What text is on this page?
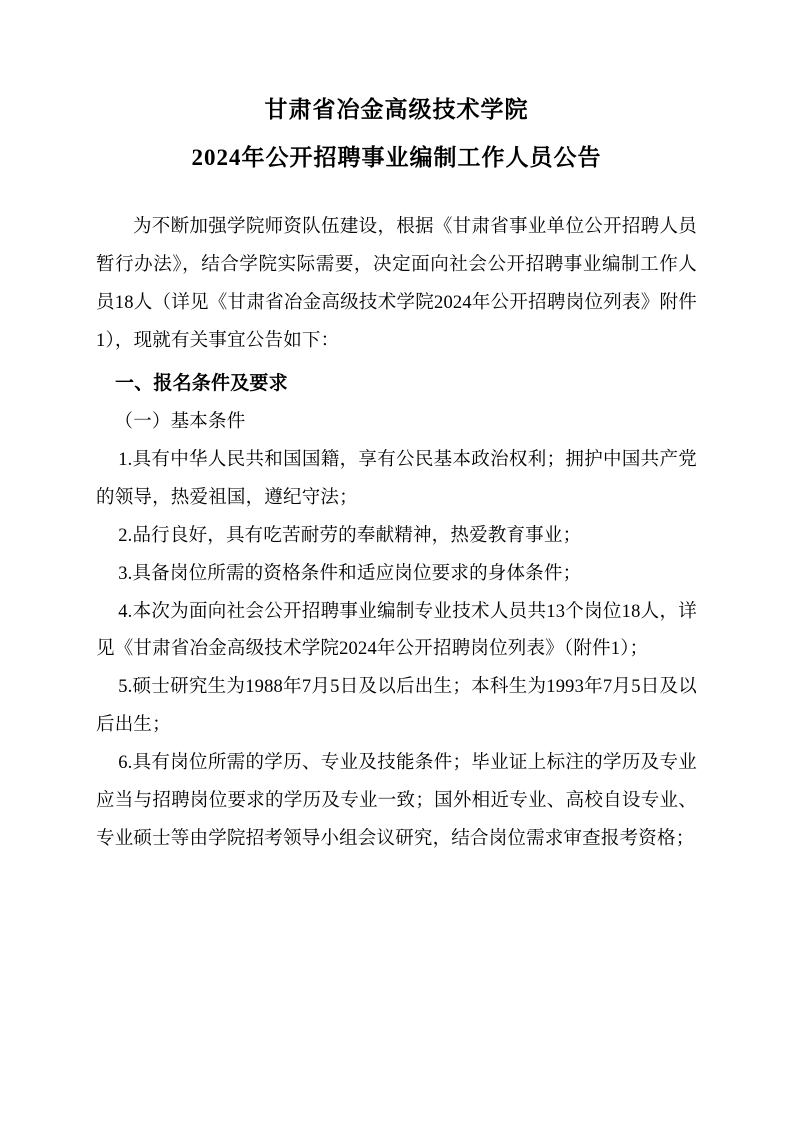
甘肃省冶金高级技术学院
2024年公开招聘事业编制工作人员公告

为不断加强学院师资队伍建设，根据《甘肃省事业单位公开招聘人员暂行办法》，结合学院实际需要，决定面向社会公开招聘事业编制工作人员18人（详见《甘肃省冶金高级技术学院2024年公开招聘岗位列表》附件1），现就有关事宜公告如下：

一、报名条件及要求

（一）基本条件

1.具有中华人民共和国国籍，享有公民基本政治权利；拥护中国共产党的领导，热爱祖国，遵纪守法；

2.品行良好，具有吃苦耐劳的奉献精神，热爱教育事业；

3.具备岗位所需的资格条件和适应岗位要求的身体条件；

4.本次为面向社会公开招聘事业编制专业技术人员共13个岗位18人，详见《甘肃省冶金高级技术学院2024年公开招聘岗位列表》（附件1）；

5.硕士研究生为1988年7月5日及以后出生；本科生为1993年7月5日及以后出生；

6.具有岗位所需的学历、专业及技能条件；毕业证上标注的学历及专业应当与招聘岗位要求的学历及专业一致；国外相近专业、高校自设专业、专业硕士等由学院招考领导小组会议研究，结合岗位需求审查报考资格；
